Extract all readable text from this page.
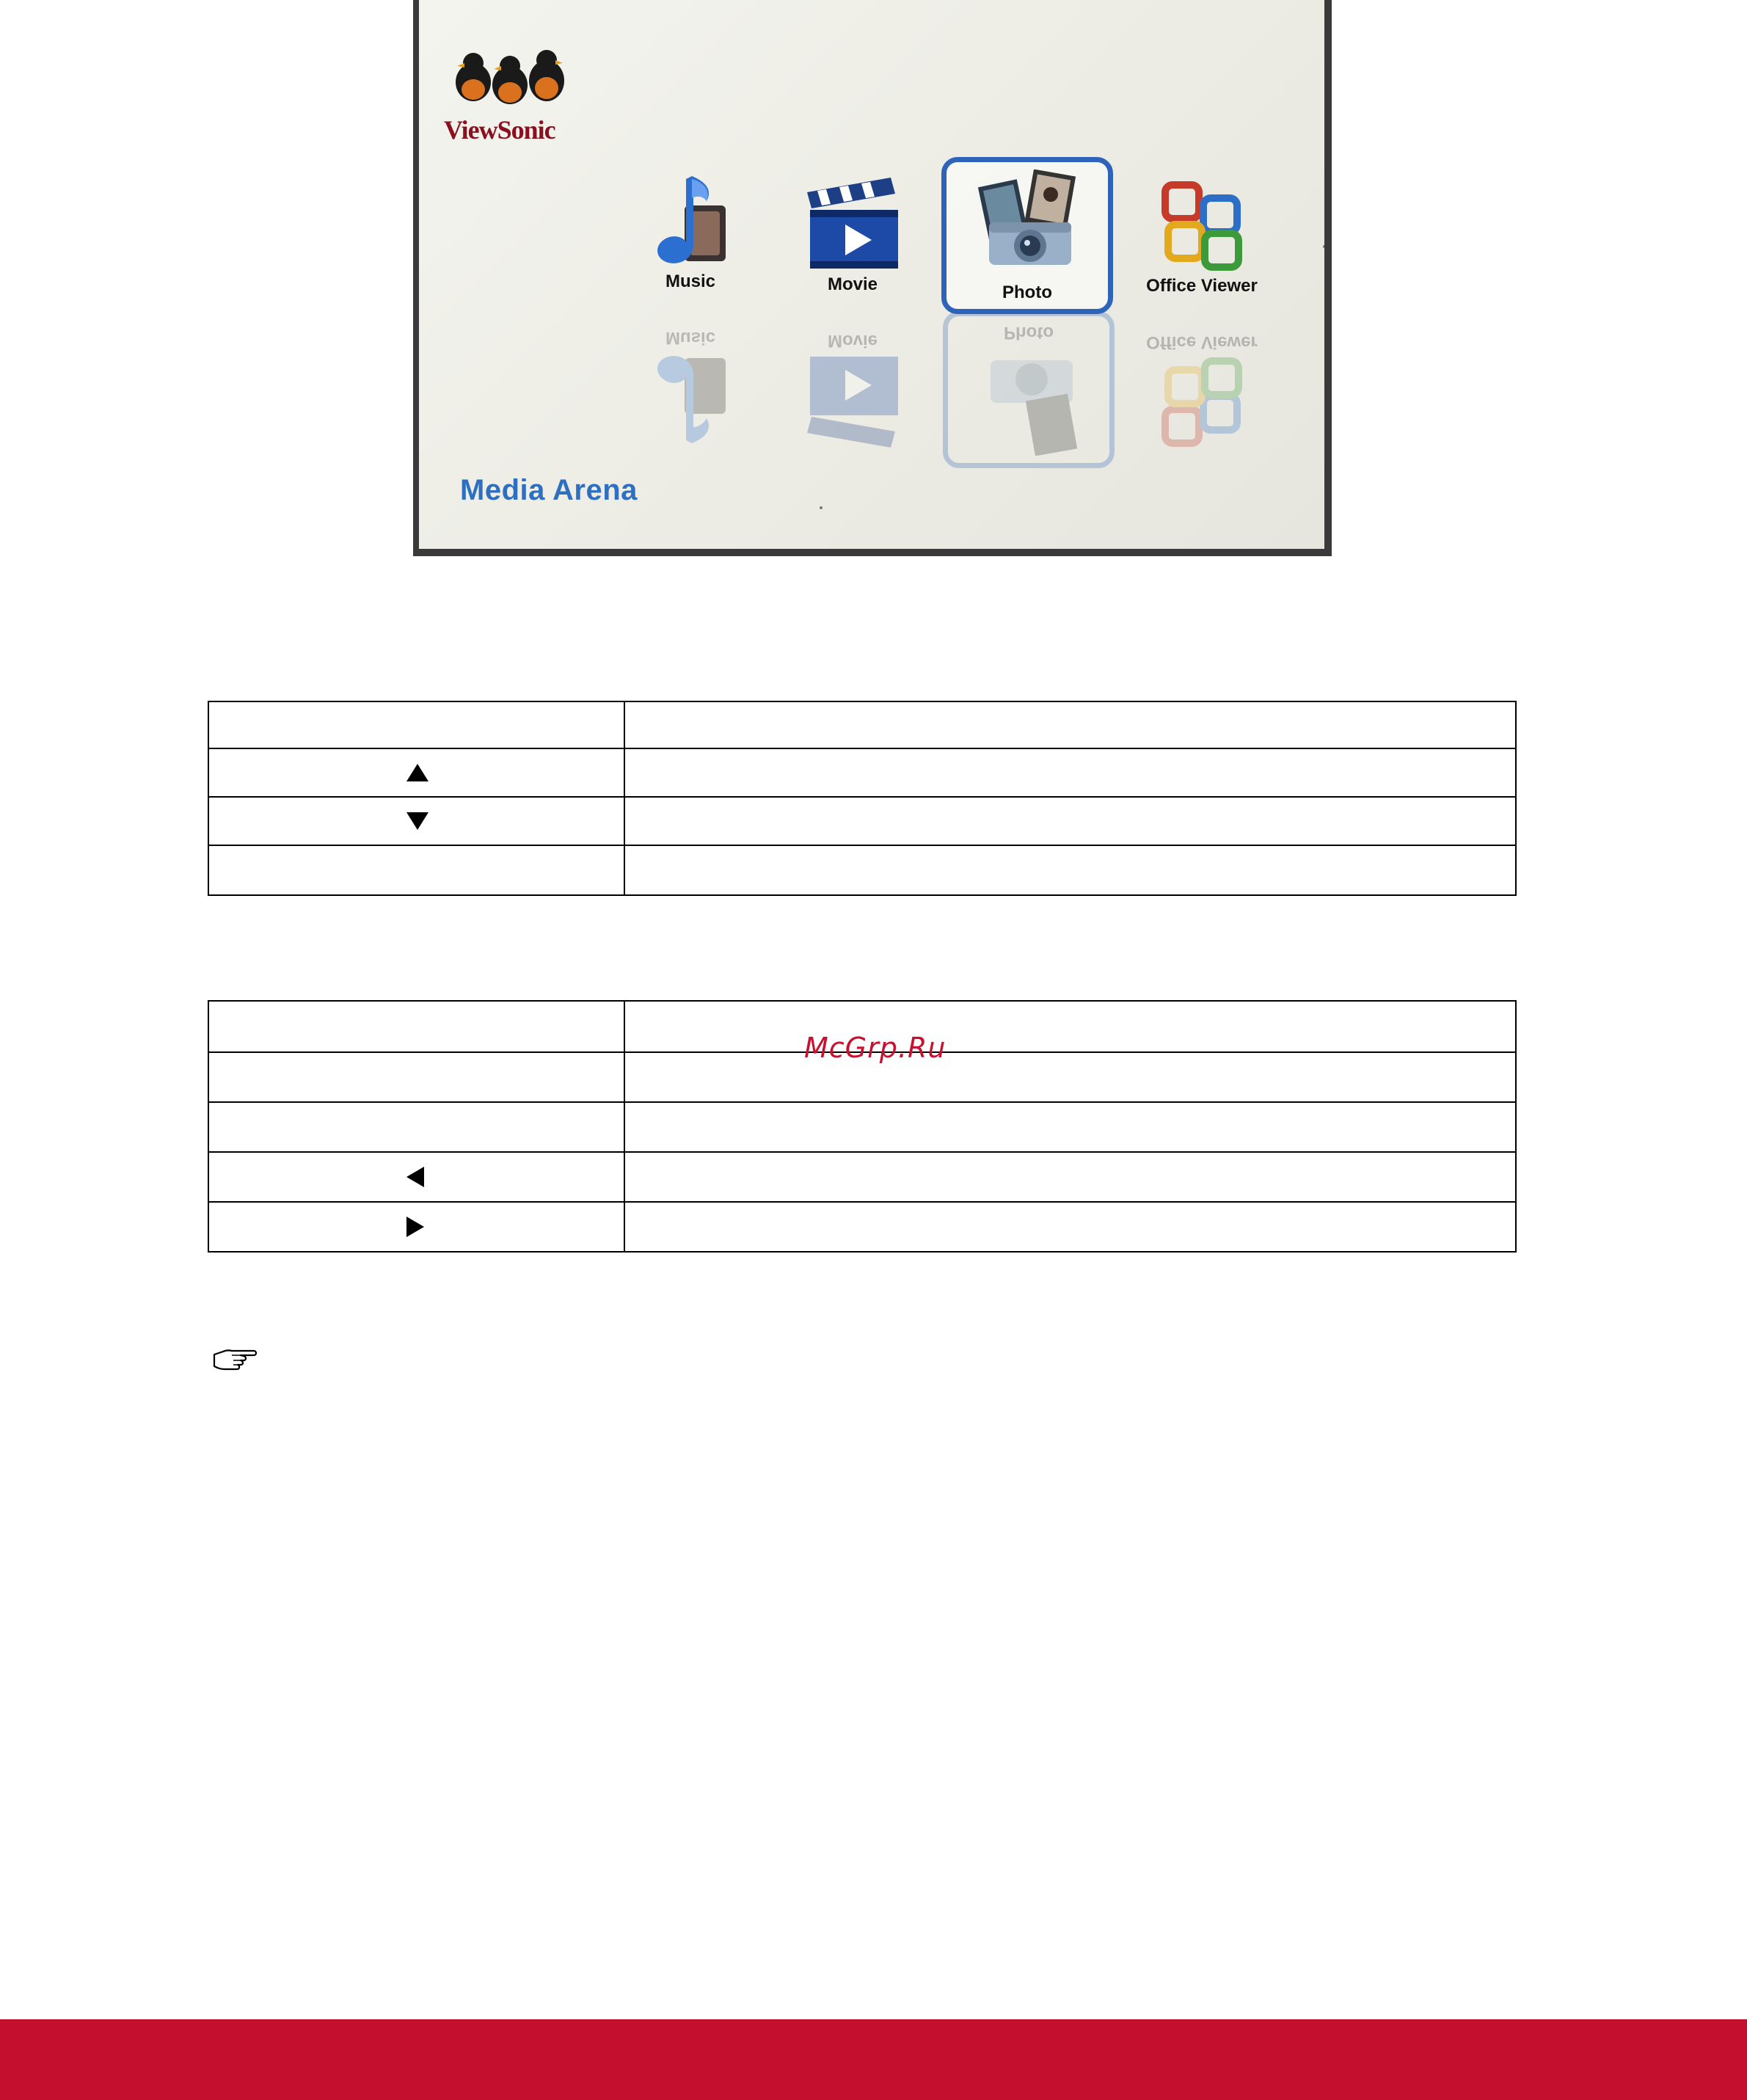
ViewSonic
Music	Movie	Photo	Office Viewer
Music	Movie	Photo	Office Viewer
Media Arena

McGrp.Ru
